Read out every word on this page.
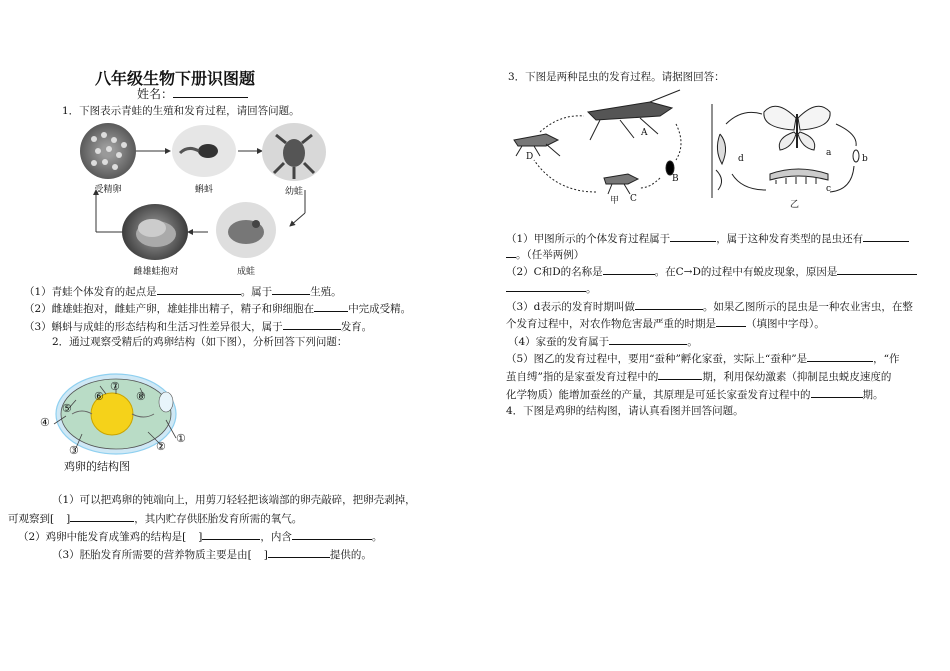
八年级生物下册识图题
姓名：
1．下图表示青蛙的生殖和发育过程，请回答问题。
受精卵	蝌蚪	幼蛙
雌雄蛙抱对	成蛙
（1）青蛙个体发育的起点是	。属于	生殖。
（2）雌雄蛙抱对，雌蛙产卵，雄蛙排出精子，精子和卵细胞在	中完成受精。
（3）蝌蚪与成蛙的形态结构和生活习性差异很大，属于	发育。
2．通过观察受精后的鸡卵结构（如下图），分析回答下列问题：
①
②
③
④
⑤
⑥
⑦
⑧
鸡卵的结构图
（1）可以把鸡卵的钝端向上，用剪刀轻轻把该端部的卵壳敲碎，把卵壳剥掉，
可观察到[ ]	，其内贮存供胚胎发育所需的氧气。
（2）鸡卵中能发育成雏鸡的结构是[ ]	，内含	。
（3）胚胎发育所需要的营养物质主要是由[ ]	提供的。
3．下图是两种昆虫的发育过程。请据图回答：
A
B
C
D
甲
a
b
c
d
乙
（1）甲图所示的个体发育过程属于	，属于这种发育类型的昆虫还有
。（任举两例）
（2）C和D的名称是	。在C→D的过程中有蜕皮现象，原因是
。
（3）d表示的发育时期叫做	。如果乙图所示的昆虫是一种农业害虫，在整
个发育过程中，对农作物危害最严重的时期是	（填图中字母）。
（4）家蚕的发育属于	。
（5）图乙的发育过程中，要用“蚕种”孵化家蚕，实际上“蚕种”是	，“作
茧自缚”指的是家蚕发育过程中的	期，利用保幼激素（抑制昆虫蜕皮速度的
化学物质）能增加蚕丝的产量，其原理是可延长家蚕发育过程中的	期。
4．下图是鸡卵的结构图，请认真看图并回答问题。
